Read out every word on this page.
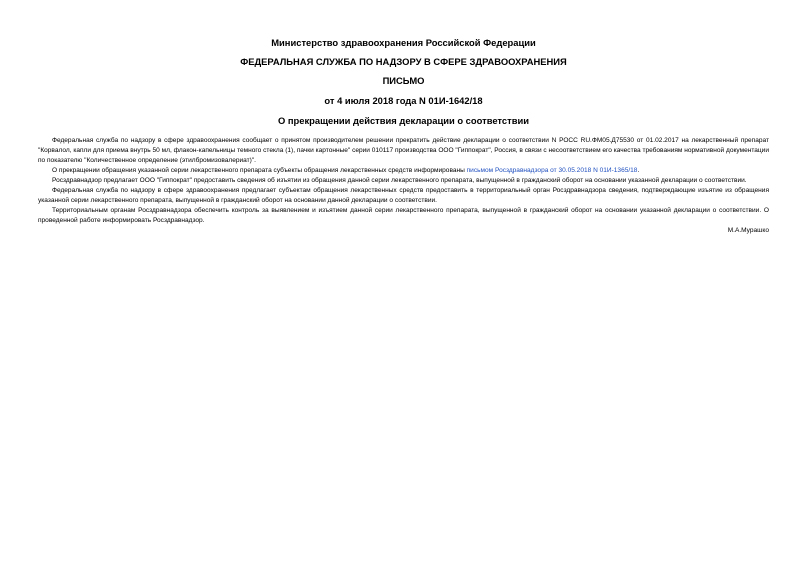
Министерство здравоохранения Российской Федерации

ФЕДЕРАЛЬНАЯ СЛУЖБА ПО НАДЗОРУ В СФЕРЕ ЗДРАВООХРАНЕНИЯ

ПИСЬМО

от 4 июля 2018 года N 01И-1642/18

О прекращении действия декларации о соответствии

Федеральная служба по надзору в сфере здравоохранения сообщает о принятом производителем решении прекратить действие декларации о соответствии N РОСС RU.ФМ05.Д75530 от 01.02.2017 на лекарственный препарат "Корвалол, капли для приема внутрь 50 мл, флакон-капельницы темного стекла (1), пачки картонные" серии 010117 производства ООО "Гиппократ", Россия, в связи с несоответствием его качества требованиям нормативной документации по показателю "Количественное определение (этилбромизовалериат)".

О прекращении обращения указанной серии лекарственного препарата субъекты обращения лекарственных средств информированы письмом Росздравнадзора от 30.05.2018 N 01И-1365/18.

Росздравнадзор предлагает ООО "Гиппократ" предоставить сведения об изъятии из обращения данной серии лекарственного препарата, выпущенной в гражданский оборот на основании указанной декларации о соответствии.

Федеральная служба по надзору в сфере здравоохранения предлагает субъектам обращения лекарственных средств предоставить в территориальный орган Росздравнадзора сведения, подтверждающие изъятие из обращения указанной серии лекарственного препарата, выпущенной в гражданский оборот на основании данной декларации о соответствии.

Территориальным органам Росздравнадзора обеспечить контроль за выявлением и изъятием данной серии лекарственного препарата, выпущенной в гражданский оборот на основании указанной декларации о соответствии. О проведенной работе информировать Росздравнадзор.

М.А.Мурашко
